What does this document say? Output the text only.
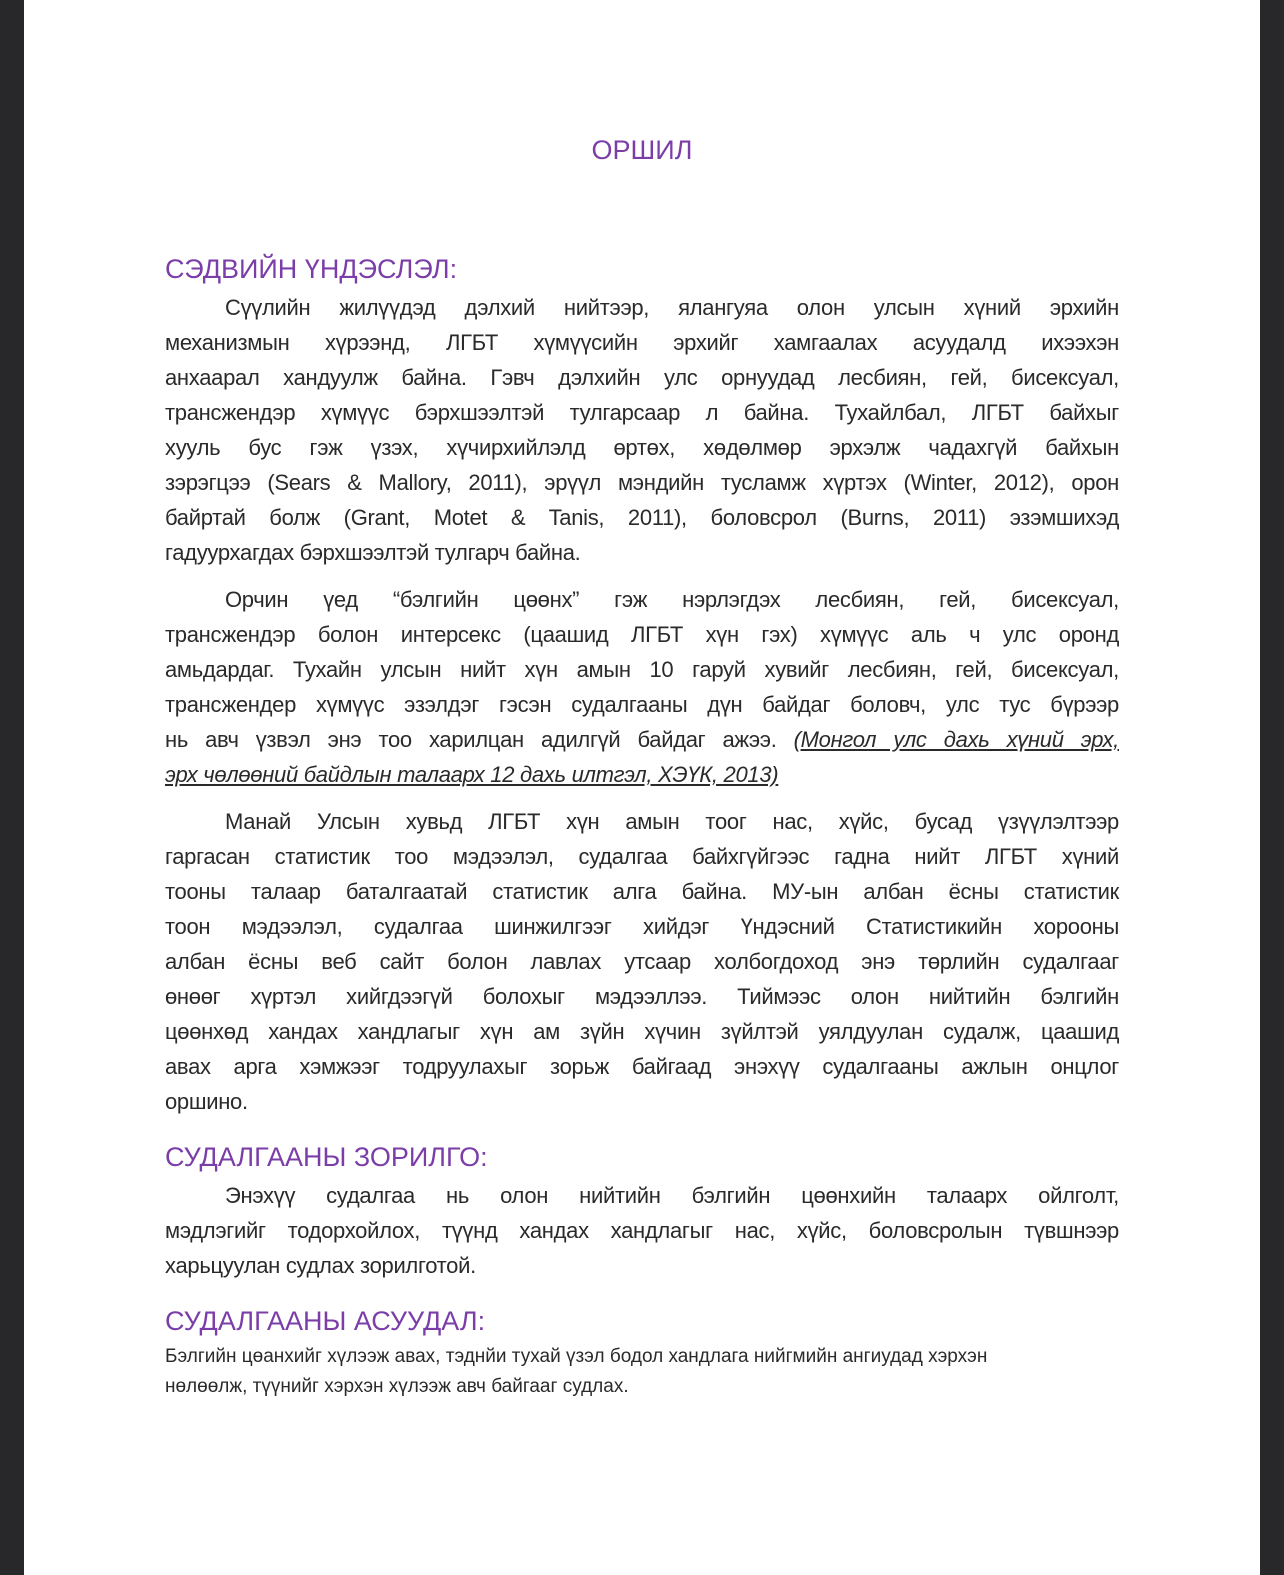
ОРШИЛ
СЭДВИЙН ҮНДЭСЛЭЛ:
Сүүлийн жилүүдэд дэлхий нийтээр, ялангуяа олон улсын хүний эрхийн
механизмын хүрээнд, ЛГБТ хүмүүсийн эрхийг хамгаалах асуудалд ихээхэн
анхаарал хандуулж байна. Гэвч дэлхийн улс орнуудад лесбиян, гей, бисексуал,
трансжендэр хүмүүс бэрхшээлтэй тулгарсаар л байна. Тухайлбал, ЛГБТ байхыг
хууль бус гэж үзэх, хүчирхийлэлд өртөх, хөдөлмөр эрхэлж чадахгүй байхын
зэрэгцээ (Sears & Mallory, 2011), эрүүл мэндийн тусламж хүртэх (Winter, 2012), орон
байртай болж (Grant, Motet & Tanis, 2011), боловсрол (Burns, 2011) эзэмшихэд
гадуурхагдах бэрхшээлтэй тулгарч байна.
Орчин үед “бэлгийн цөөнх” гэж нэрлэгдэх лесбиян, гей, бисексуал,
трансжендэр болон интерсекс (цаашид ЛГБТ хүн гэх) хүмүүс аль ч улс оронд
амьдардаг. Тухайн улсын нийт хүн амын 10 гаруй хувийг лесбиян, гей, бисексуал,
трансжендер хүмүүс эзэлдэг гэсэн судалгааны дүн байдаг боловч, улс тус бүрээр
нь авч үзвэл энэ тоо харилцан адилгүй байдаг ажээ. (Монгол улс дахь хүний эрх,
эрх чөлөөний байдлын талаарх 12 дахь илтгэл, ХЭҮК, 2013)
Манай Улсын хувьд ЛГБТ хүн амын тоог нас, хүйс, бусад үзүүлэлтээр
гаргасан статистик тоо мэдээлэл, судалгаа байхгүйгээс гадна нийт ЛГБТ хүний
тооны талаар баталгаатай статистик алга байна. МУ-ын албан ёсны статистик
тоон мэдээлэл, судалгаа шинжилгээг хийдэг Үндэсний Статистикийн хорооны
албан ёсны веб сайт болон лавлах утсаар холбогдоход энэ төрлийн судалгааг
өнөөг хүртэл хийгдээгүй болохыг мэдээллээ. Тиймээс олон нийтийн бэлгийн
цөөнхөд хандах хандлагыг хүн ам зүйн хүчин зүйлтэй уялдуулан судалж, цаашид
авах арга хэмжээг тодруулахыг зорьж байгаад энэхүү судалгааны ажлын онцлог
оршино.
СУДАЛГААНЫ ЗОРИЛГО:
Энэхүү судалгаа нь олон нийтийн бэлгийн цөөнхийн талаарх ойлголт,
мэдлэгийг тодорхойлох, түүнд хандах хандлагыг нас, хүйс, боловсролын түвшнээр
харьцуулан судлах зорилготой.
СУДАЛГААНЫ АСУУДАЛ:
Бэлгийн цөанхийг хүлээж авах, тэднйи тухай үзэл бодол хандлага нийгмийн ангиудад хэрхэн
нөлөөлж, түүнийг хэрхэн хүлээж авч байгааг судлах.
